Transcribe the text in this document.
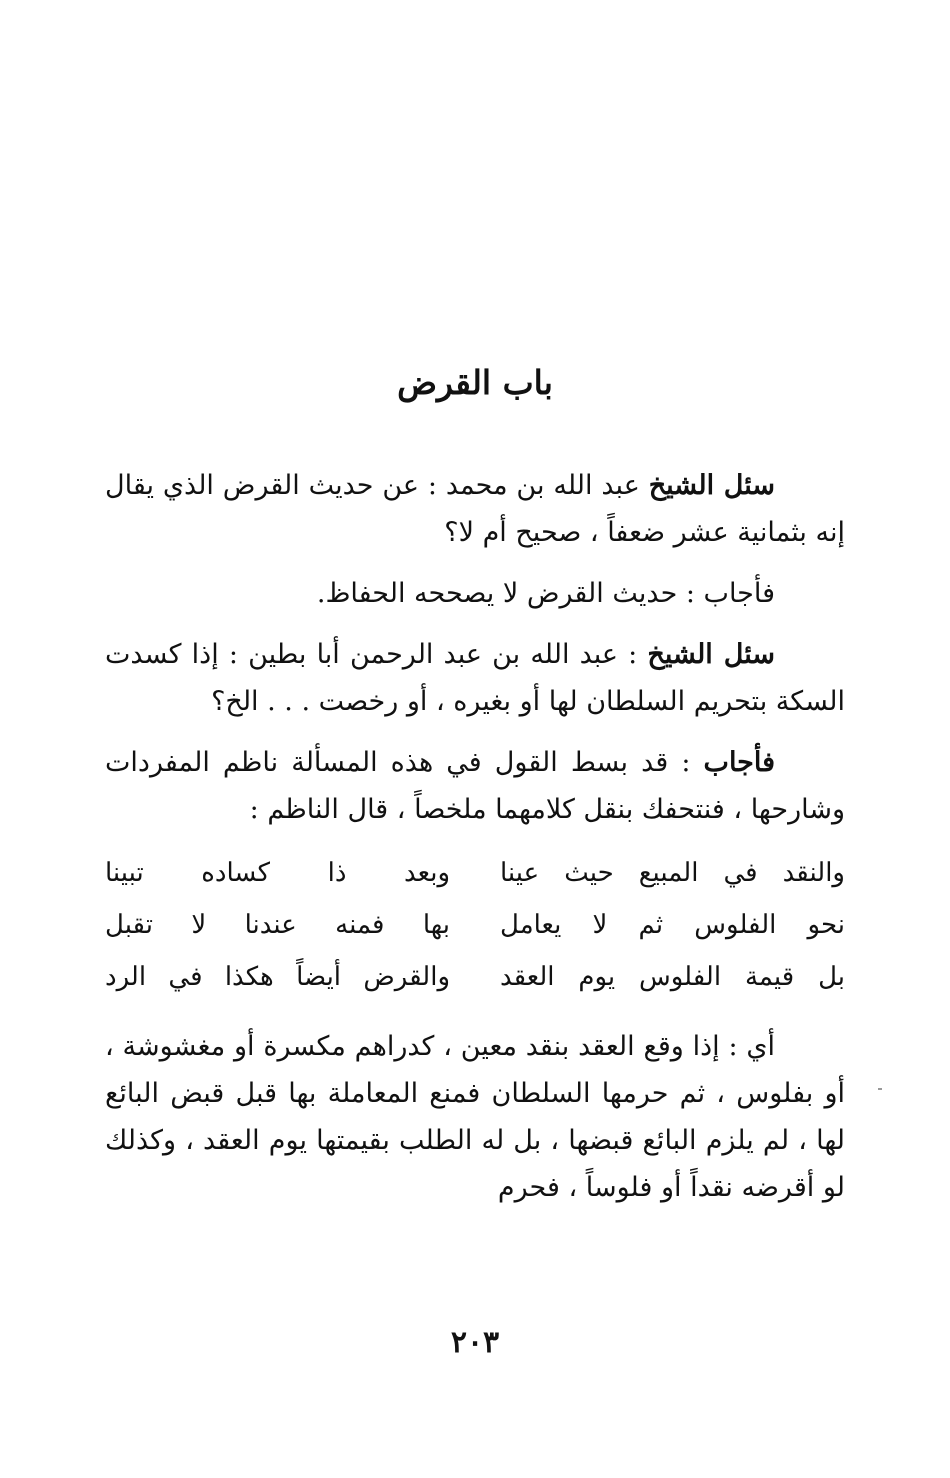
باب القرض

سئل الشيخ عبد الله بن محمد : عن حديث القرض الذي يقال إنه بثمانية عشر ضعفاً ، صحيح أم لا؟

فأجاب : حديث القرض لا يصححه الحفاظ.

سئل الشيخ : عبد الله بن عبد الرحمن أبا بطين : إذا كسدت السكة بتحريم السلطان لها أو بغيره ، أو رخصت . . . الخ؟

فأجاب : قد بسط القول في هذه المسألة ناظم المفردات وشارحها ، فنتحفك بنقل كلامهما ملخصاً ، قال الناظم :

والنقد في المبيع حيث عينا
وبعد ذا كساده تبينا
نحو الفلوس ثم لا يعامل
بها فمنه عندنا لا تقبل
بل قيمة الفلوس يوم العقد
والقرض أيضاً هكذا في الرد

أي : إذا وقع العقد بنقد معين ، كدراهم مكسرة أو مغشوشة ، أو بفلوس ، ثم حرمها السلطان فمنع المعاملة بها قبل قبض البائع لها ، لم يلزم البائع قبضها ، بل له الطلب بقيمتها يوم العقد ، وكذلك لو أقرضه نقداً أو فلوساً ، فحرم

٢٠٣
